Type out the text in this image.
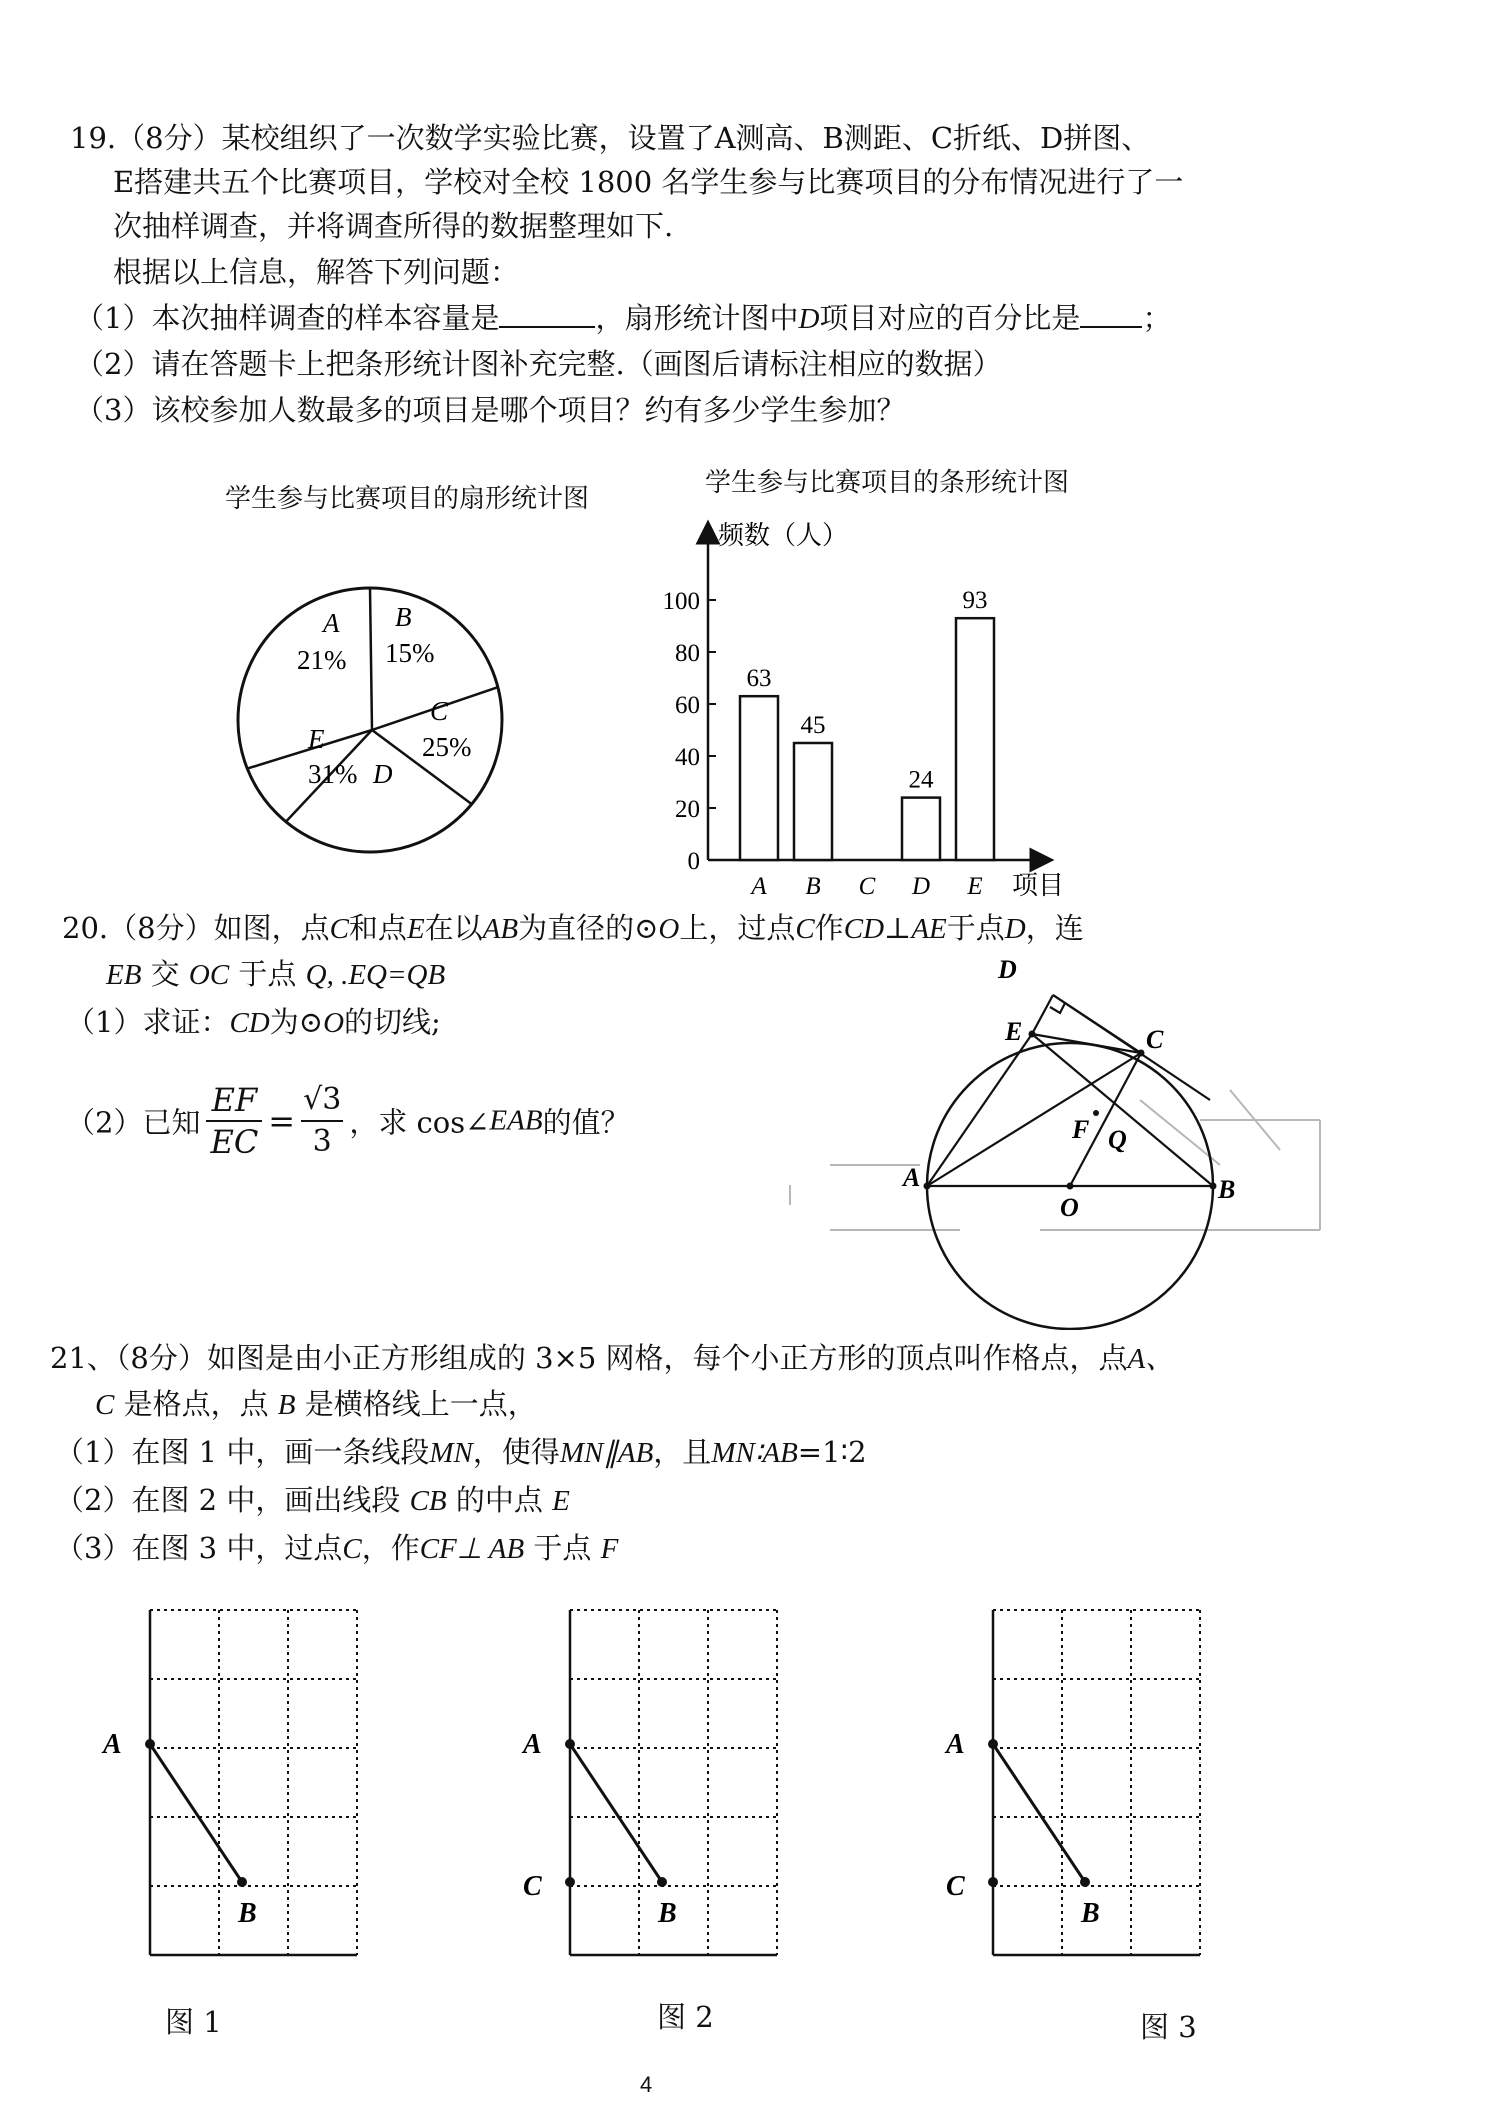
19.（8分）某校组织了一次数学实验比赛，设置了A测高、B测距、C折纸、D拼图、
E搭建共五个比赛项目，学校对全校 1800 名学生参与比赛项目的分布情况进行了一
次抽样调查，并将调查所得的数据整理如下.
根据以上信息，解答下列问题：
（1）本次抽样调查的样本容量是	，扇形统计图中D项目对应的百分比是 ；
（2）请在答题卡上把条形统计图补充完整.（画图后请标注相应的数据）
（3）该校参加人数最多的项目是哪个项目？约有多少学生参加？
学生参与比赛项目的扇形统计图
A
21%
B
15%
C
25%
E
31% D
学生参与比赛项目的条形统计图
频数（人）
项目
0
20
40
60
80
100
63
45
24
93
A B C D E
20.（8分）如图，点C和点E在以AB为直径的⊙O上，过点C作CD⊥AE于点D，连
EB 交 OC 于点 Q, .EQ=QB
（1）求证：CD为⊙O的切线;
（2）已知 $\frac{EF}{EC} = \frac{√3}{3}$ ，求 cos∠EAB的值？
D
E	C
F Q
A
O
B
21、（8分）如图是由小正方形组成的 3×5 网格，每个小正方形的顶点叫作格点，点A、
C 是格点，点 B 是横格线上一点，
（1）在图 1 中，画一条线段MN，使得MN∥AB，且MN∶AB=1∶2
（2）在图 2 中，画出线段 CB 的中点 E
（3）在图 3 中，过点C，作CF⊥ AB 于点 F
A
B
A
B
C
A
B
C
图 1	图 2	图 3
4
